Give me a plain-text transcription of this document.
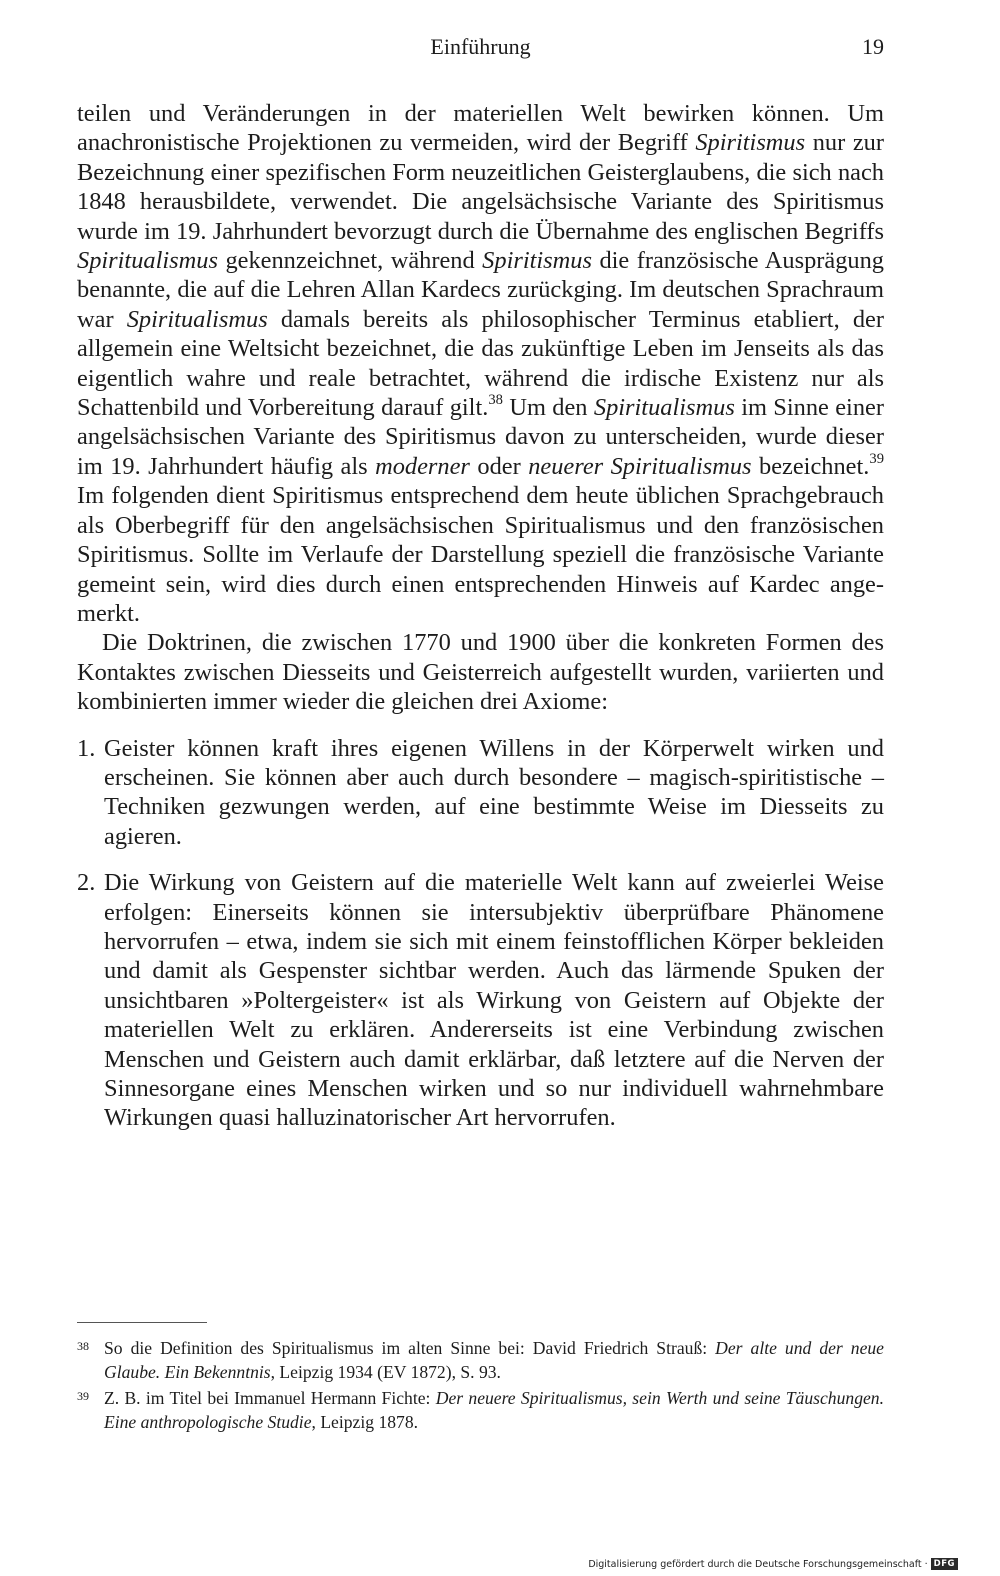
Einführung	19

teilen und Veränderungen in der materiellen Welt bewirken können. Um anachronistische Projektionen zu vermeiden, wird der Begriff Spiritismus nur zur Bezeichnung einer spezifischen Form neuzeitlichen Geisterglaubens, die sich nach 1848 herausbildete, verwendet. Die angelsächsische Variante des Spiritismus wurde im 19. Jahrhundert bevorzugt durch die Übernahme des englischen Begriffs Spiritualismus gekennzeichnet, während Spiritismus die französische Ausprägung benannte, die auf die Lehren Allan Kardecs zurückging. Im deutschen Sprachraum war Spiritualismus damals bereits als philosophischer Terminus etabliert, der allgemein eine Weltsicht bezeichnet, die das zukünftige Leben im Jenseits als das eigentlich wahre und reale betrachtet, während die irdische Existenz nur als Schattenbild und Vorbereitung darauf gilt.$^{38}$ Um den Spiritualismus im Sinne einer angelsächsischen Variante des Spiritismus davon zu unterscheiden, wurde dieser im 19. Jahrhundert häufig als moderner oder neuerer Spiritualismus bezeichnet.$^{39}$ Im folgenden dient Spiritismus entsprechend dem heute üblichen Sprachgebrauch als Oberbegriff für den angelsächsischen Spiritualismus und den französischen Spiritismus. Sollte im Verlaufe der Darstellung speziell die französische Variante gemeint sein, wird dies durch einen entsprechenden Hinweis auf Kardec angemerkt.

Die Doktrinen, die zwischen 1770 und 1900 über die konkreten Formen des Kontaktes zwischen Diesseits und Geisterreich aufgestellt wurden, variierten und kombinierten immer wieder die gleichen drei Axiome:

1. Geister können kraft ihres eigenen Willens in der Körperwelt wirken und erscheinen. Sie können aber auch durch besondere – magisch-spiritistische – Techniken gezwungen werden, auf eine bestimmte Weise im Diesseits zu agieren.
2. Die Wirkung von Geistern auf die materielle Welt kann auf zweierlei Weise erfolgen: Einerseits können sie intersubjektiv überprüfbare Phänomene hervorrufen – etwa, indem sie sich mit einem feinstofflichen Körper bekleiden und damit als Gespenster sichtbar werden. Auch das lärmende Spuken der unsichtbaren »Poltergeister« ist als Wirkung von Geistern auf Objekte der materiellen Welt zu erklären. Andererseits ist eine Verbindung zwischen Menschen und Geistern auch damit erklärbar, daß letztere auf die Nerven der Sinnesorgane eines Menschen wirken und so nur individuell wahrnehmbare Wirkungen quasi halluzinatorischer Art hervorrufen.
38 So die Definition des Spiritualismus im alten Sinne bei: David Friedrich Strauß: Der alte und der neue Glaube. Ein Bekenntnis, Leipzig 1934 (EV 1872), S. 93.
39 Z. B. im Titel bei Immanuel Hermann Fichte: Der neuere Spiritualismus, sein Werth und seine Täuschungen. Eine anthropologische Studie, Leipzig 1878.
Digitalisierung gefördert durch die Deutsche Forschungsgemeinschaft · DFG
